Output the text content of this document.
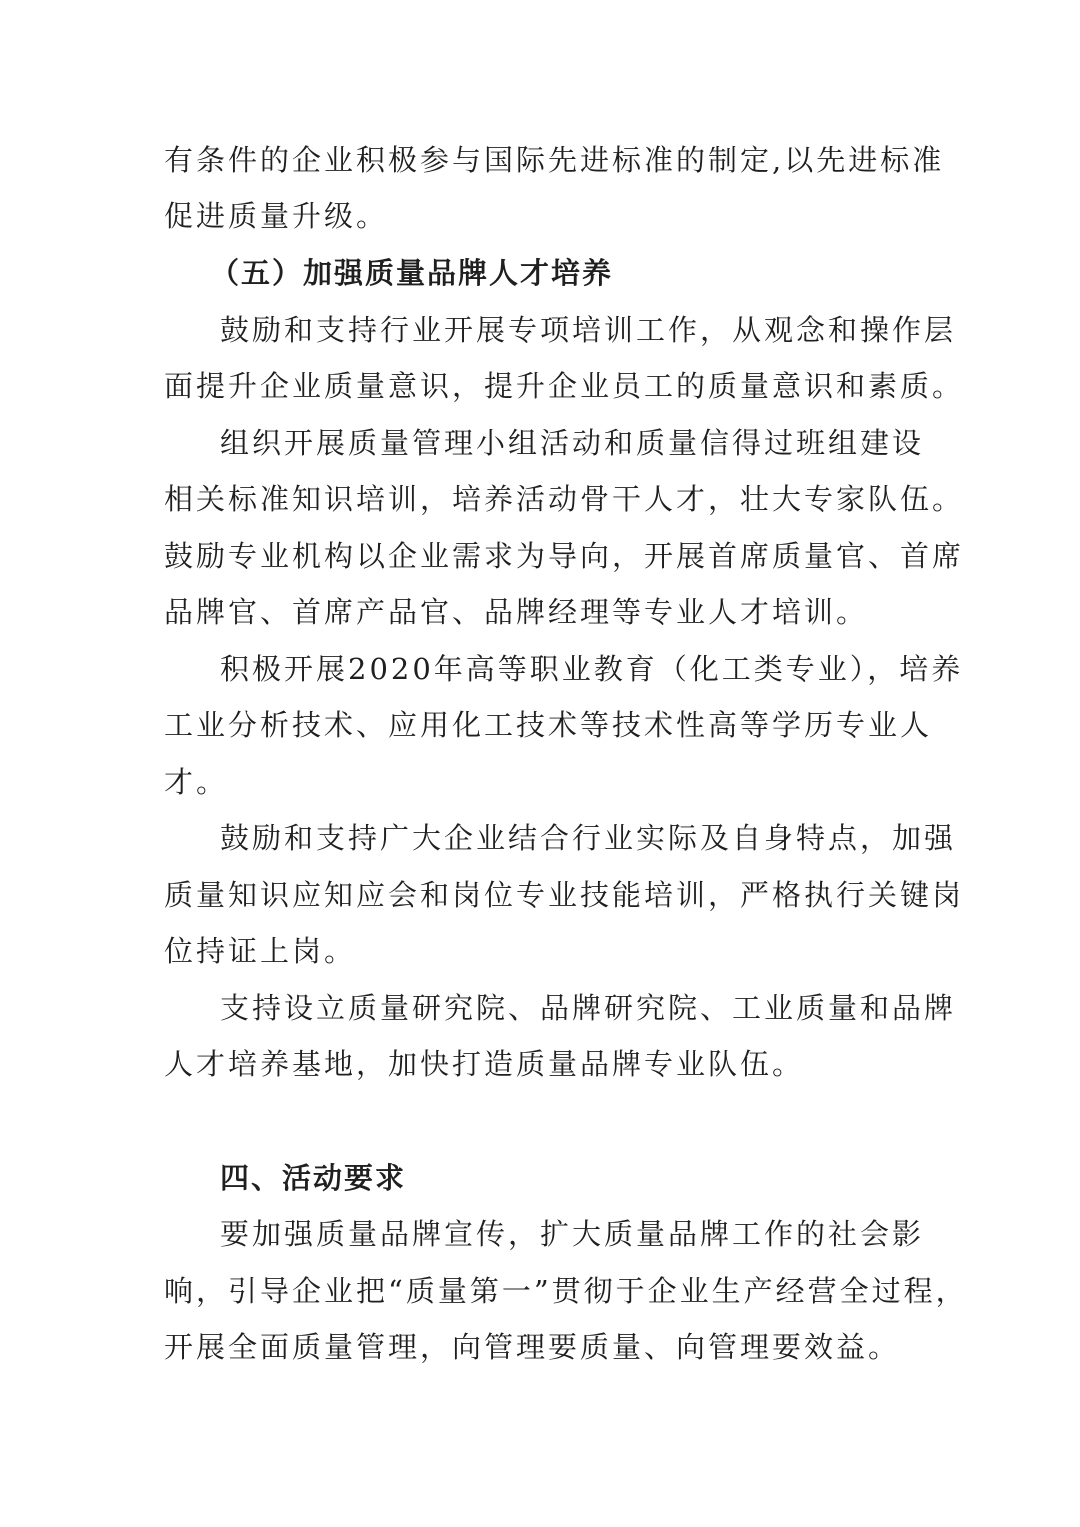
有条件的企业积极参与国际先进标准的制定,以先进标准
促进质量升级。
（五）加强质量品牌人才培养
鼓励和支持行业开展专项培训工作，从观念和操作层
面提升企业质量意识，提升企业员工的质量意识和素质。
组织开展质量管理小组活动和质量信得过班组建设
相关标准知识培训，培养活动骨干人才，壮大专家队伍。
鼓励专业机构以企业需求为导向，开展首席质量官、首席
品牌官、首席产品官、品牌经理等专业人才培训。
积极开展2020年高等职业教育（化工类专业），培养
工业分析技术、应用化工技术等技术性高等学历专业人
才。
鼓励和支持广大企业结合行业实际及自身特点，加强
质量知识应知应会和岗位专业技能培训，严格执行关键岗
位持证上岗。
支持设立质量研究院、品牌研究院、工业质量和品牌
人才培养基地，加快打造质量品牌专业队伍。
四、活动要求
要加强质量品牌宣传，扩大质量品牌工作的社会影
响，引导企业把“质量第一”贯彻于企业生产经营全过程，
开展全面质量管理，向管理要质量、向管理要效益。
